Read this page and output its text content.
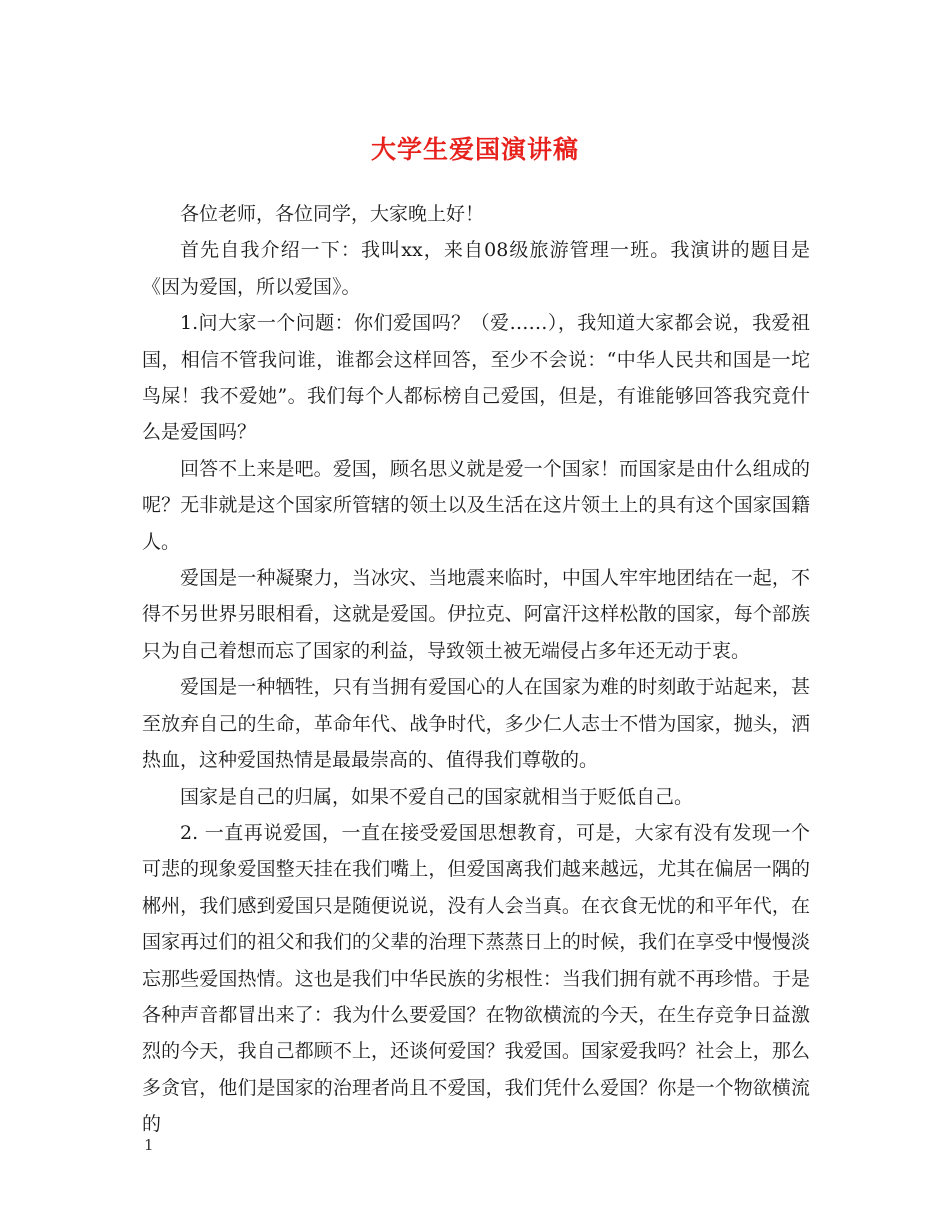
大学生爱国演讲稿

各位老师，各位同学，大家晚上好！

首先自我介绍一下：我叫xx，来自08级旅游管理一班。我演讲的题目是《因为爱国，所以爱国》。

1.问大家一个问题：你们爱国吗？（爱……），我知道大家都会说，我爱祖国，相信不管我问谁，谁都会这样回答，至少不会说：“中华人民共和国是一坨鸟屎！我不爱她”。我们每个人都标榜自己爱国，但是，有谁能够回答我究竟什么是爱国吗？

回答不上来是吧。爱国，顾名思义就是爱一个国家！而国家是由什么组成的呢？无非就是这个国家所管辖的领土以及生活在这片领土上的具有这个国家国籍人。

爱国是一种凝聚力，当冰灾、当地震来临时，中国人牢牢地团结在一起，不得不另世界另眼相看，这就是爱国。伊拉克、阿富汗这样松散的国家，每个部族只为自己着想而忘了国家的利益，导致领土被无端侵占多年还无动于衷。

爱国是一种牺牲，只有当拥有爱国心的人在国家为难的时刻敢于站起来，甚至放弃自己的生命，革命年代、战争时代，多少仁人志士不惜为国家，抛头，洒热血，这种爱国热情是最最崇高的、值得我们尊敬的。

国家是自己的归属，如果不爱自己的国家就相当于贬低自己。

2. 一直再说爱国，一直在接受爱国思想教育，可是，大家有没有发现一个可悲的现象爱国整天挂在我们嘴上，但爱国离我们越来越远，尤其在偏居一隅的郴州，我们感到爱国只是随便说说，没有人会当真。在衣食无忧的和平年代，在国家再过们的祖父和我们的父辈的治理下蒸蒸日上的时候，我们在享受中慢慢淡忘那些爱国热情。这也是我们中华民族的劣根性：当我们拥有就不再珍惜。于是各种声音都冒出来了：我为什么要爱国？在物欲横流的今天，在生存竞争日益激烈的今天，我自己都顾不上，还谈何爱国？我爱国。国家爱我吗？社会上，那么多贪官，他们是国家的治理者尚且不爱国，我们凭什么爱国？你是一个物欲横流的

1
